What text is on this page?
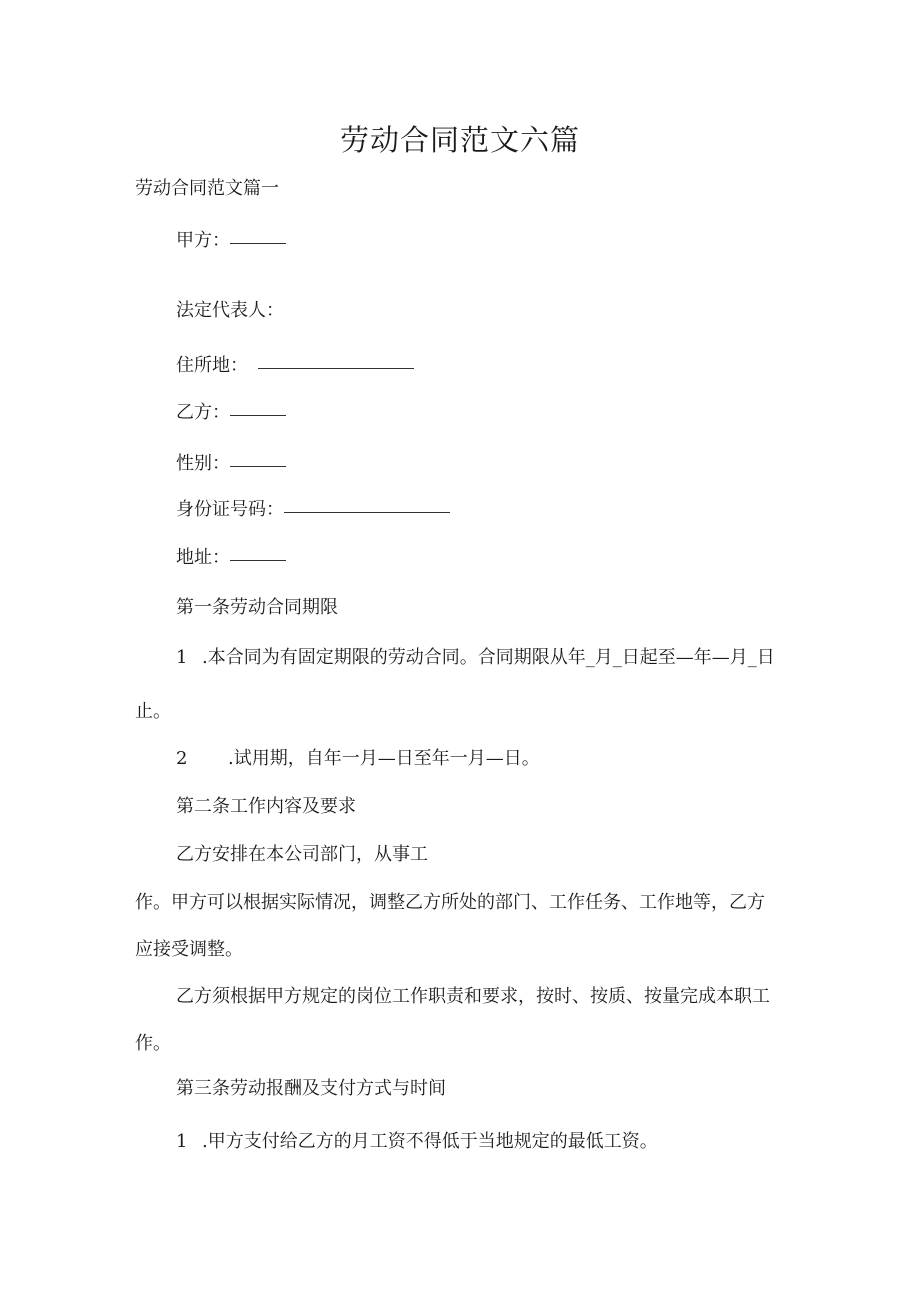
劳动合同范文六篇
劳动合同范文篇一
甲方：
法定代表人：
住所地：
乙方：
性别：
身份证号码：
地址：
第一条劳动合同期限
1 .本合同为有固定期限的劳动合同。合同期限从年_月_日起至—年—月_日
止。
2 .试用期，自年一月—日至年一月—日。
第二条工作内容及要求
乙方安排在本公司部门，从事工
作。甲方可以根据实际情况，调整乙方所处的部门、工作任务、工作地等，乙方
应接受调整。
乙方须根据甲方规定的岗位工作职责和要求，按时、按质、按量完成本职工
作。
第三条劳动报酬及支付方式与时间
1 .甲方支付给乙方的月工资不得低于当地规定的最低工资。
